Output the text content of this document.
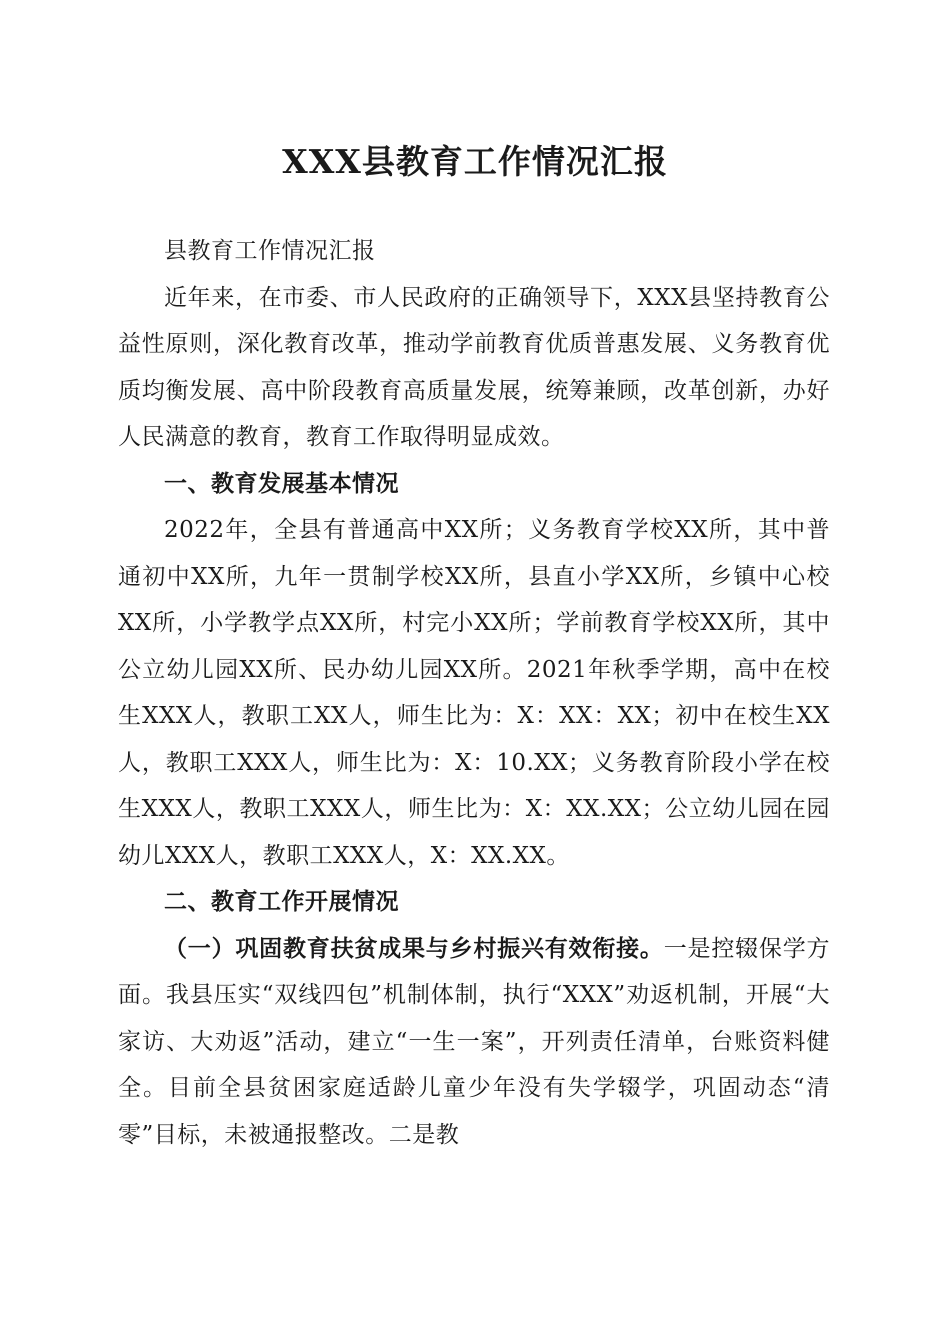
XXX县教育工作情况汇报

县教育工作情况汇报

近年来，在市委、市人民政府的正确领导下，XXX县坚持教育公益性原则，深化教育改革，推动学前教育优质普惠发展、义务教育优质均衡发展、高中阶段教育高质量发展，统筹兼顾，改革创新，办好人民满意的教育，教育工作取得明显成效。

一、教育发展基本情况

2022年，全县有普通高中XX所；义务教育学校XX所，其中普通初中XX所，九年一贯制学校XX所，县直小学XX所，乡镇中心校XX所，小学教学点XX所，村完小XX所；学前教育学校XX所，其中公立幼儿园XX所、民办幼儿园XX所。2021年秋季学期，高中在校生XXX人，教职工XX人，师生比为：X：XX：XX；初中在校生XX人，教职工XXX人，师生比为：X：10.XX；义务教育阶段小学在校生XXX人，教职工XXX人，师生比为：X：XX.XX；公立幼儿园在园幼儿XXX人，教职工XXX人，X：XX.XX。

二、教育工作开展情况

（一）巩固教育扶贫成果与乡村振兴有效衔接。一是控辍保学方面。我县压实“双线四包”机制体制，执行“XXX”劝返机制，开展“大家访、大劝返”活动，建立“一生一案”，开列责任清单，台账资料健全。目前全县贫困家庭适龄儿童少年没有失学辍学，巩固动态“清零”目标，未被通报整改。二是教
